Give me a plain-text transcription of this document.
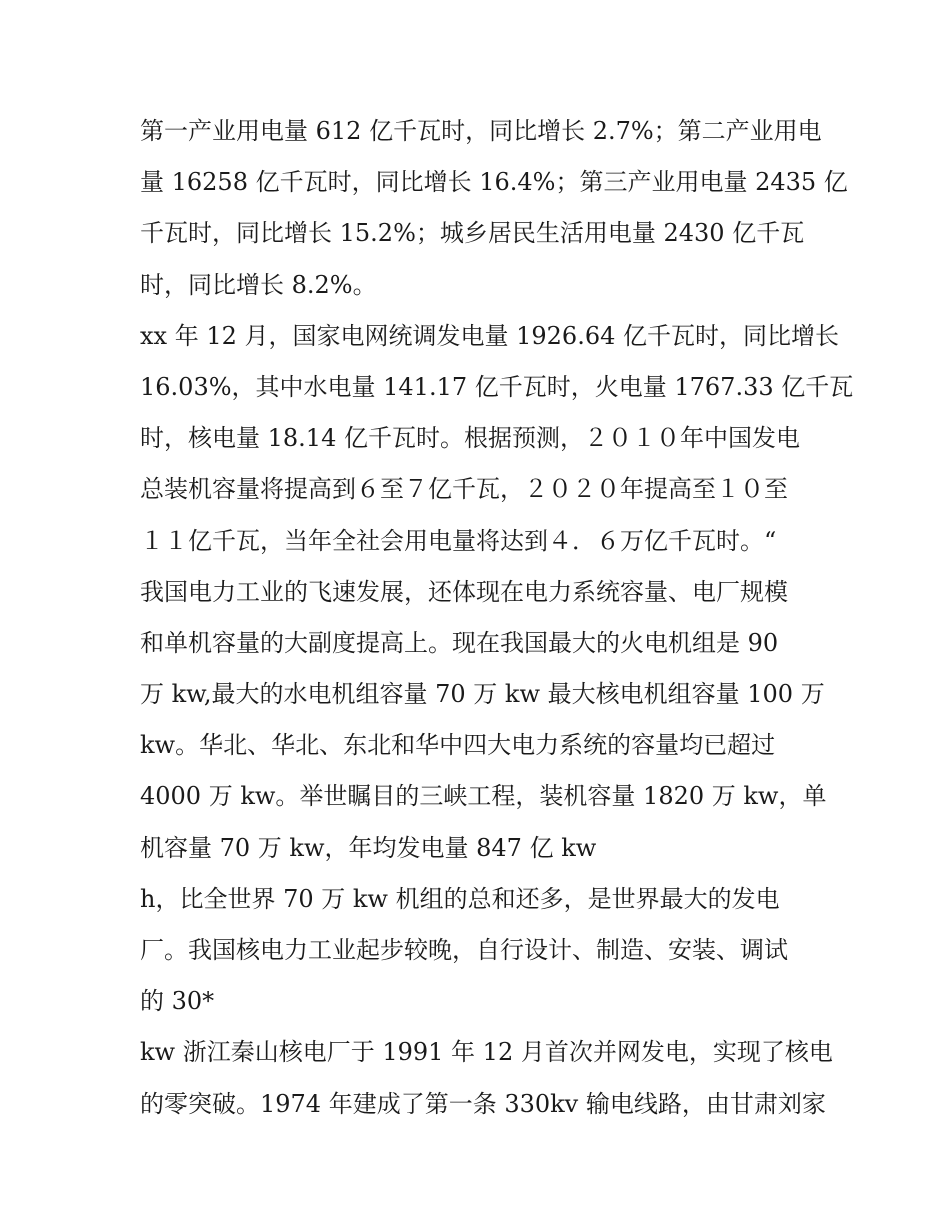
第一产业用电量 612 亿千瓦时，同比增长 2.7%；第二产业用电
量 16258 亿千瓦时，同比增长 16.4%；第三产业用电量 2435 亿
千瓦时，同比增长 15.2%；城乡居民生活用电量 2430 亿千瓦
时，同比增长 8.2%。
xx 年 12 月，国家电网统调发电量 1926.64 亿千瓦时，同比增长
16.03%，其中水电量 141.17 亿千瓦时，火电量 1767.33 亿千瓦
时，核电量 18.14 亿千瓦时。根据预测，２０１０年中国发电
总装机容量将提高到６至７亿千瓦，２０２０年提高至１０至
１１亿千瓦，当年全社会用电量将达到４．６万亿千瓦时。“
我国电力工业的飞速发展，还体现在电力系统容量、电厂规模
和单机容量的大副度提高上。现在我国最大的火电机组是 90
万 kw,最大的水电机组容量 70 万 kw 最大核电机组容量 100 万
kw。华北、华北、东北和华中四大电力系统的容量均已超过
4000 万 kw。举世瞩目的三峡工程，装机容量 1820 万 kw，单
机容量 70 万 kw，年均发电量 847 亿 kw
h，比全世界 70 万 kw 机组的总和还多，是世界最大的发电
厂。我国核电力工业起步较晚，自行设计、制造、安装、调试
的 30*
kw 浙江秦山核电厂于 1991 年 12 月首次并网发电，实现了核电
的零突破。1974 年建成了第一条 330kv 输电线路，由甘肃刘家
